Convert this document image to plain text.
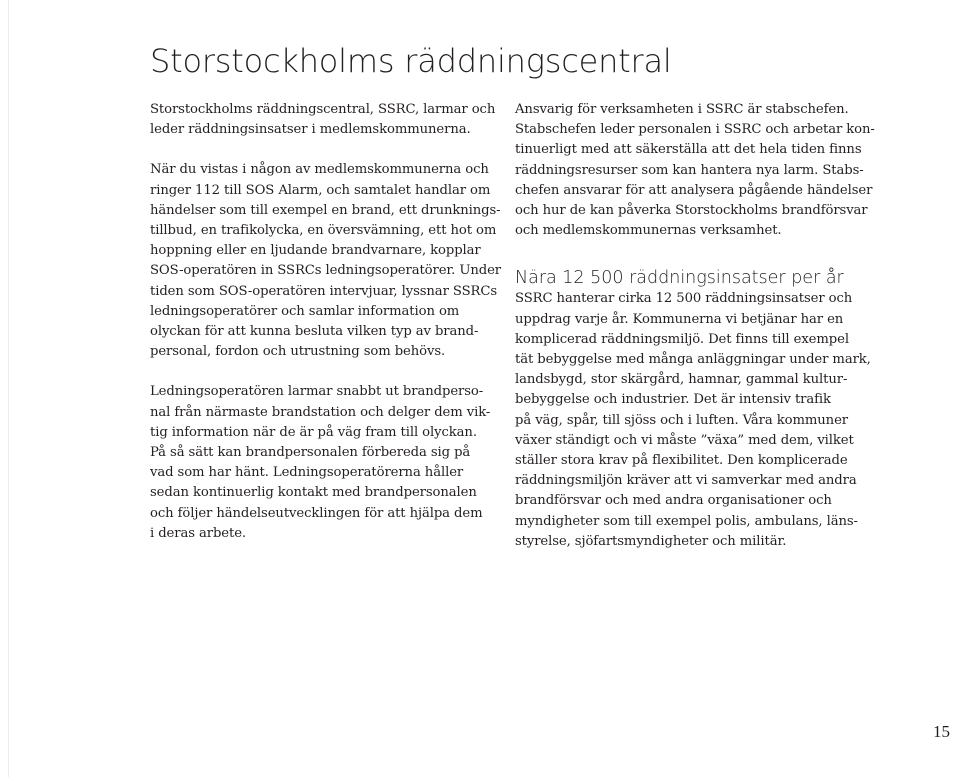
Storstockholms räddningscentral

Storstockholms räddningscentral, SSRC, larmar och
leder räddningsinsatser i medlemskommunerna.

När du vistas i någon av medlemskommunerna och
ringer 112 till SOS Alarm, och samtalet handlar om
händelser som till exempel en brand, ett drunknings-
tillbud, en trafikolycka, en översvämning, ett hot om
hoppning eller en ljudande brandvarnare, kopplar
SOS-operatören in SSRCs ledningsoperatörer. Under
tiden som SOS-operatören intervjuar, lyssnar SSRCs
ledningsoperatörer och samlar information om
olyckan för att kunna besluta vilken typ av brand-
personal, fordon och utrustning som behövs.

Ledningsoperatören larmar snabbt ut brandperso-
nal från närmaste brandstation och delger dem vik-
tig information när de är på väg fram till olyckan.
På så sätt kan brandpersonalen förbereda sig på
vad som har hänt. Ledningsoperatörerna håller
sedan kontinuerlig kontakt med brandpersonalen
och följer händelseutvecklingen för att hjälpa dem
i deras arbete.

Ansvarig för verksamheten i SSRC är stabschefen.
Stabschefen leder personalen i SSRC och arbetar kon-
tinuerligt med att säkerställa att det hela tiden finns
räddningsresurser som kan hantera nya larm. Stabs-
chefen ansvarar för att analysera pågående händelser
och hur de kan påverka Storstockholms brandförsvar
och medlemskommunernas verksamhet.

Nära 12 500 räddningsinsatser per år

SSRC hanterar cirka 12 500 räddningsinsatser och
uppdrag varje år. Kommunerna vi betjänar har en
komplicerad räddningsmiljö. Det finns till exempel
tät bebyggelse med många anläggningar under mark,
landsbygd, stor skärgård, hamnar, gammal kultur-
bebyggelse och industrier. Det är intensiv trafik
på väg, spår, till sjöss och i luften. Våra kommuner
växer ständigt och vi måste ”växa” med dem, vilket
ställer stora krav på flexibilitet. Den komplicerade
räddningsmiljön kräver att vi samverkar med andra
brandförsvar och med andra organisationer och
myndigheter som till exempel polis, ambulans, läns-
styrelse, sjöfartsmyndigheter och militär.

15
